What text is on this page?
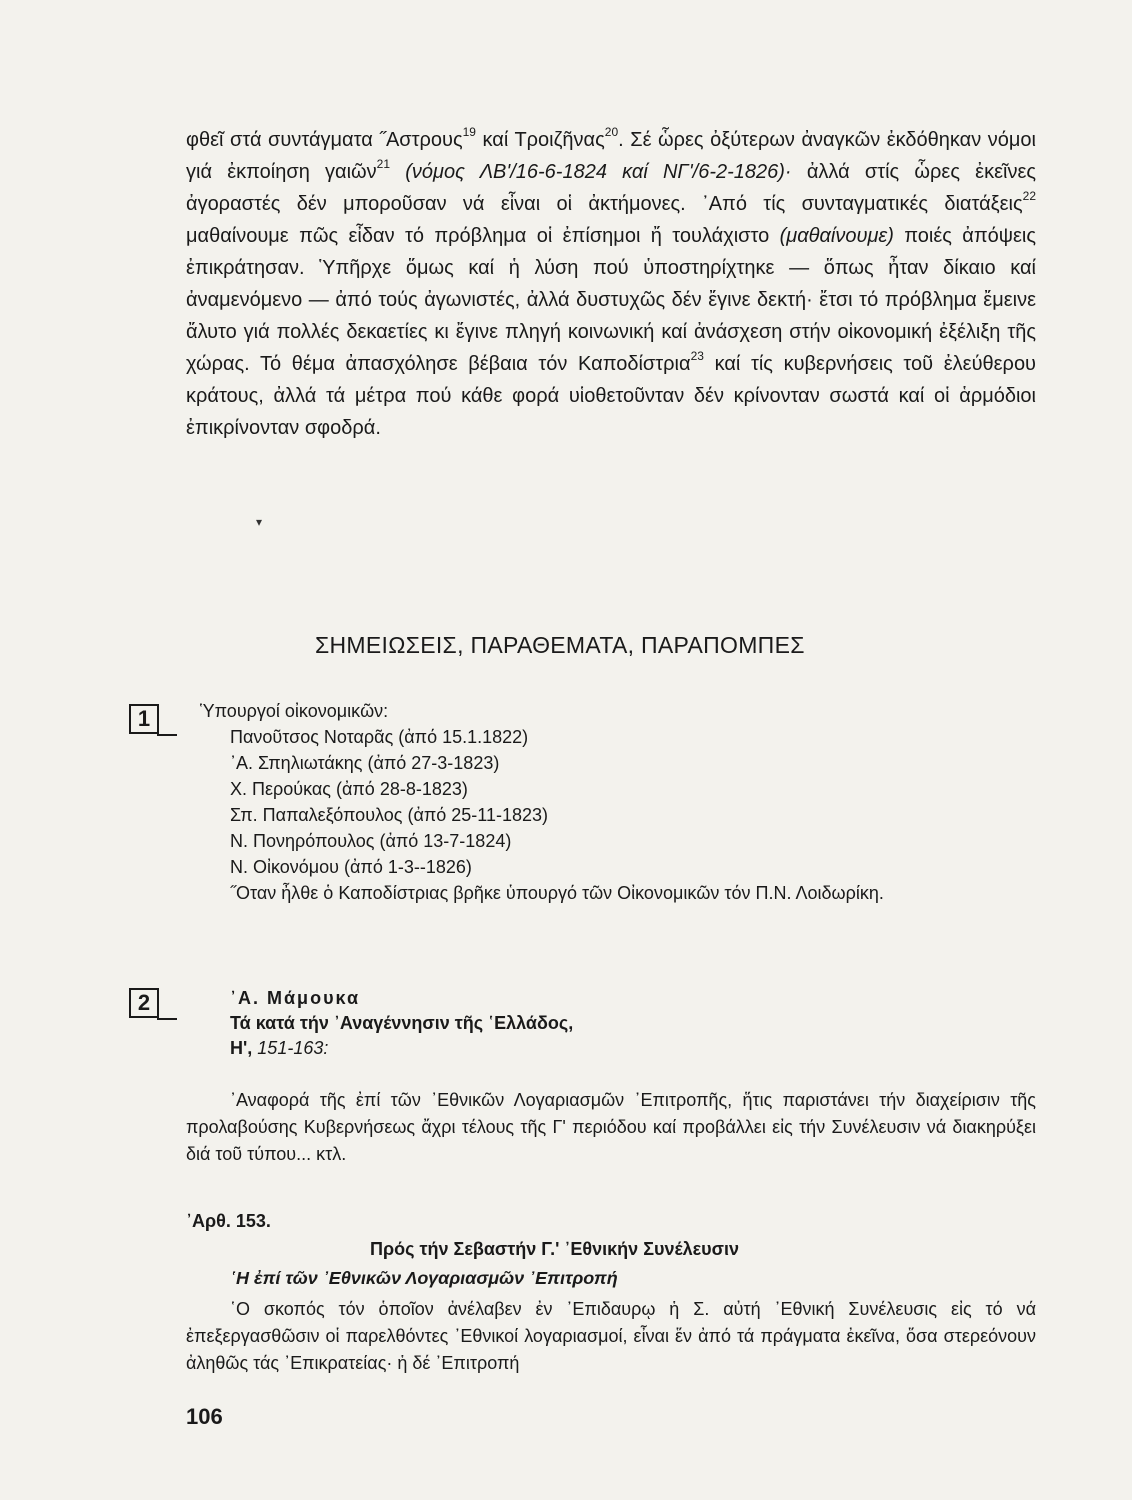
φθεῖ στά συντάγματα ˝Αστρους$^{19}$ καί Τροιζῆνας$^{20}$. Σέ ὧρες ὀξύτερων ἀναγκῶν ἐκδόθηκαν νόμοι γιά ἐκποίηση γαιῶν$^{21}$ (νόμος ΛΒ'/16-6-1824 καί ΝΓ'/6-2-1826)· ἀλλά στίς ὧρες ἐκεῖνες ἀγοραστές δέν μποροῦσαν νά εἶναι οἱ ἀκτήμονες. ᾿Από τίς συνταγματικές διατάξεις$^{22}$ μαθαίνουμε πῶς εἶδαν τό πρόβλημα οἱ ἐπίσημοι ἤ τουλάχιστο (μαθαίνουμε) ποιές ἀπόψεις ἐπικράτησαν. Ὑπῆρχε ὅμως καί ἡ λύση πού ὑποστηρίχτηκε — ὅπως ἦταν δίκαιο καί ἀναμενόμενο — ἀπό τούς ἀγωνιστές, ἀλλά δυστυχῶς δέν ἔγινε δεκτή· ἔτσι τό πρόβλημα ἔμεινε ἄλυτο γιά πολλές δεκαετίες κι ἔγινε πληγή κοινωνική καί ἀνάσχεση στήν οἰκονομική ἐξέλιξη τῆς χώρας. Τό θέμα ἀπασχόλησε βέβαια τόν Καποδίστρια$^{23}$ καί τίς κυβερνήσεις τοῦ ἐλεύθερου κράτους, ἀλλά τά μέτρα πού κάθε φορά υἱοθετοῦνταν δέν κρίνονταν σωστά καί οἱ ἁρμόδιοι ἐπικρίνονταν σφοδρά.

▾
ΣΗΜΕΙΩΣΕΙΣ, ΠΑΡΑΘΕΜΑΤΑ, ΠΑΡΑΠΟΜΠΕΣ
1	Ὑπουργοί οἰκονομικῶν:
Πανοῦτσος Νοταρᾶς (ἀπό 15.1.1822)
᾿Α. Σπηλιωτάκης (ἀπό 27-3-1823)
Χ. Περούκας (ἀπό 28-8-1823)
Σπ. Παπαλεξόπουλος (ἀπό 25-11-1823)
Ν. Πονηρόπουλος (ἀπό 13-7-1824)
Ν. Οἰκονόμου (ἀπό 1-3--1826)
˝Οταν ἦλθε ὁ Καποδίστριας βρῆκε ὑπουργό τῶν Οἰκονομικῶν τόν Π.Ν. Λοιδωρίκη.
2	᾿Α. Μάμουκα
Τά κατά τήν ᾿Αναγέννησιν τῆς ῾Ελλάδος,
Η', 151-163:
᾿Αναφορά τῆς ἐπί τῶν ᾿Εθνικῶν Λογαριασμῶν ᾿Επιτροπῆς, ἥτις παριστάνει τήν διαχείρισιν τῆς προλαβούσης Κυβερνήσεως ἄχρι τέλους τῆς Γ' περιόδου καί προβάλλει εἰς τήν Συνέλευσιν νά διακηρύξει διά τοῦ τύπου... κτλ.
᾿Αρθ. 153.
Πρός τήν Σεβαστήν Γ.' ᾿Εθνικήν Συνέλευσιν
῾Η ἐπί τῶν ᾿Εθνικῶν Λογαριασμῶν ᾿Επιτροπή
῾Ο σκοπός τόν ὁποῖον ἀνέλαβεν ἐν ᾿Επιδαυρῳ ἡ Σ. αὐτή ᾿Εθνική Συνέλευσις εἰς τό νά ἐπεξεργασθῶσιν οἱ παρελθόντες ᾿Εθνικοί λογαριασμοί, εἶναι ἕν ἀπό τά πράγματα ἐκεῖνα, ὅσα στερεόνουν ἀληθῶς τάς ᾿Επικρατείας· ἡ δέ ᾿Επιτροπή
106
